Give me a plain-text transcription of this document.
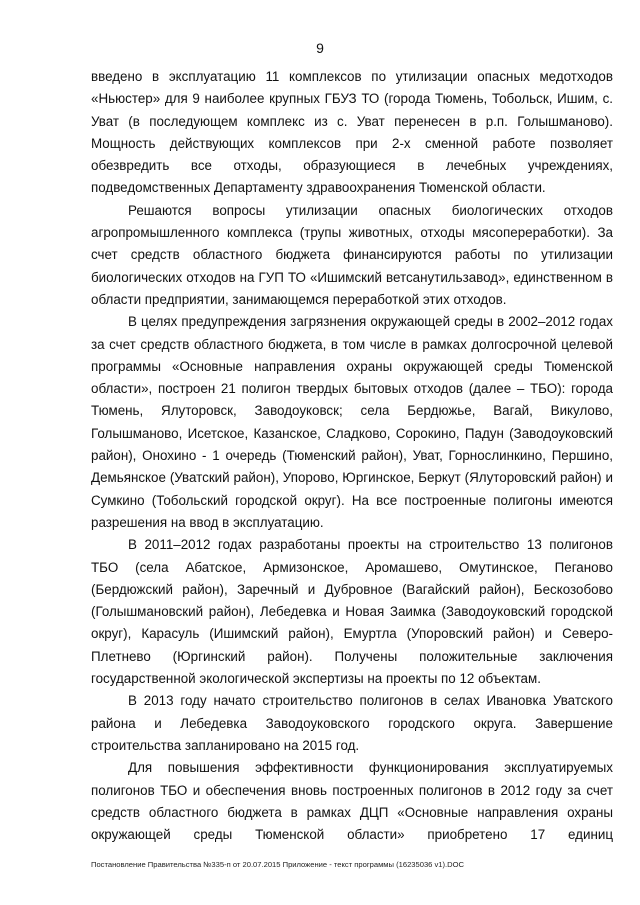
9

введено в эксплуатацию 11 комплексов по утилизации опасных медотходов «Ньюстер» для 9 наиболее крупных ГБУЗ ТО (города Тюмень, Тобольск, Ишим, с. Уват (в последующем комплекс из с. Уват перенесен в р.п. Голышманово). Мощность действующих комплексов при 2-х сменной работе позволяет обезвредить все отходы, образующиеся в лечебных учреждениях, подведомственных Департаменту здравоохранения Тюменской области.

Решаются вопросы утилизации опасных биологических отходов агропромышленного комплекса (трупы животных, отходы мясопереработки). За счет средств областного бюджета финансируются работы по утилизации биологических отходов на ГУП ТО «Ишимский ветсанутильзавод», единственном в области предприятии, занимающемся переработкой этих отходов.

В целях предупреждения загрязнения окружающей среды в 2002–2012 годах за счет средств областного бюджета, в том числе в рамках долгосрочной целевой программы «Основные направления охраны окружающей среды Тюменской области», построен 21 полигон твердых бытовых отходов (далее – ТБО): города Тюмень, Ялуторовск, Заводоуковск; села Бердюжье, Вагай, Викулово, Голышманово, Исетское, Казанское, Сладково, Сорокино, Падун (Заводоуковский район), Онохино - 1 очередь (Тюменский район), Уват, Горнослинкино, Першино, Демьянское (Уватский район), Упорово, Юргинское, Беркут (Ялуторовский район) и Сумкино (Тобольский городской округ). На все построенные полигоны имеются разрешения на ввод в эксплуатацию.

В 2011–2012 годах разработаны проекты на строительство 13 полигонов ТБО (села Абатское, Армизонское, Аромашево, Омутинское, Пеганово (Бердюжский район), Заречный и Дубровное (Вагайский район), Бескозобово (Голышмановский район), Лебедевка и Новая Заимка (Заводоуковский городской округ), Карасуль (Ишимский район), Емуртла (Упоровский район) и Северо-Плетнево (Юргинский район). Получены положительные заключения государственной экологической экспертизы на проекты по 12 объектам.

В 2013 году начато строительство полигонов в селах Ивановка Уватского района и Лебедевка Заводоуковского городского округа. Завершение строительства запланировано на 2015 год.

Для повышения эффективности функционирования эксплуатируемых полигонов ТБО и обеспечения вновь построенных полигонов в 2012 году за счет средств областного бюджета в рамках ДЦП «Основные направления охраны окружающей среды Тюменской области» приобретено 17 единиц

Постановление Правительства №335-п от 20.07.2015 Приложение - текст программы (16235036 v1).DOC
